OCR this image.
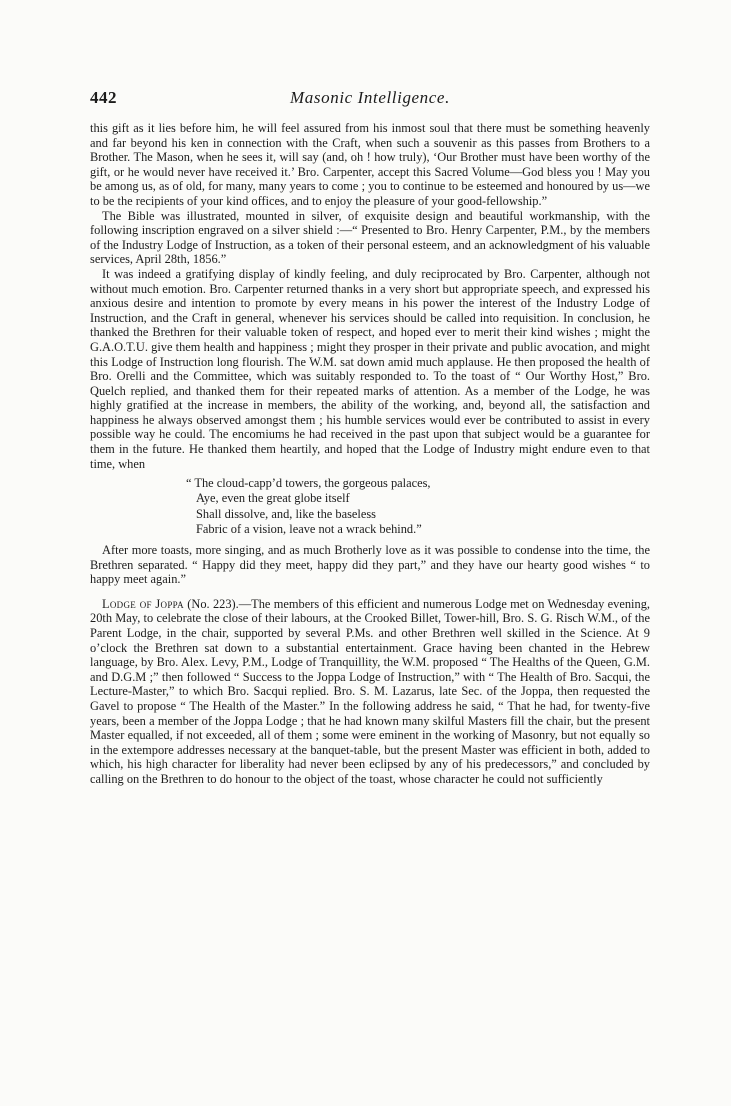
442	Masonic Intelligence.

this gift as it lies before him, he will feel assured from his inmost soul that there must be something heavenly and far beyond his ken in connection with the Craft, when such a souvenir as this passes from Brothers to a Brother. The Mason, when he sees it, will say (and, oh ! how truly), ‘Our Brother must have been worthy of the gift, or he would never have received it.’ Bro. Carpenter, accept this Sacred Volume—God bless you ! May you be among us, as of old, for many, many years to come ; you to continue to be esteemed and honoured by us—we to be the recipients of your kind offices, and to enjoy the pleasure of your good-fellowship.”

The Bible was illustrated, mounted in silver, of exquisite design and beautiful workmanship, with the following inscription engraved on a silver shield :—“ Presented to Bro. Henry Carpenter, P.M., by the members of the Industry Lodge of Instruction, as a token of their personal esteem, and an acknowledgment of his valuable services, April 28th, 1856.”

It was indeed a gratifying display of kindly feeling, and duly reciprocated by Bro. Carpenter, although not without much emotion. Bro. Carpenter returned thanks in a very short but appropriate speech, and expressed his anxious desire and intention to promote by every means in his power the interest of the Industry Lodge of Instruction, and the Craft in general, whenever his services should be called into requisition. In conclusion, he thanked the Brethren for their valuable token of respect, and hoped ever to merit their kind wishes ; might the G.A.O.T.U. give them health and happiness ; might they prosper in their private and public avocation, and might this Lodge of Instruction long flourish. The W.M. sat down amid much applause. He then proposed the health of Bro. Orelli and the Committee, which was suitably responded to. To the toast of “ Our Worthy Host,” Bro. Quelch replied, and thanked them for their repeated marks of attention. As a member of the Lodge, he was highly gratified at the increase in members, the ability of the working, and, beyond all, the satisfaction and happiness he always observed amongst them ; his humble services would ever be contributed to assist in every possible way he could. The encomiums he had received in the past upon that subject would be a guarantee for them in the future. He thanked them heartily, and hoped that the Lodge of Industry might endure even to that time, when

“ The cloud-capp’d towers, the gorgeous palaces,
Aye, even the great globe itself
Shall dissolve, and, like the baseless
Fabric of a vision, leave not a wrack behind.”

After more toasts, more singing, and as much Brotherly love as it was possible to condense into the time, the Brethren separated. “ Happy did they meet, happy did they part,” and they have our hearty good wishes “ to happy meet again.”

Lodge of Joppa (No. 223).—The members of this efficient and numerous Lodge met on Wednesday evening, 20th May, to celebrate the close of their labours, at the Crooked Billet, Tower-hill, Bro. S. G. Risch W.M., of the Parent Lodge, in the chair, supported by several P.Ms. and other Brethren well skilled in the Science. At 9 o’clock the Brethren sat down to a substantial entertainment. Grace having been chanted in the Hebrew language, by Bro. Alex. Levy, P.M., Lodge of Tranquillity, the W.M. proposed “ The Healths of the Queen, G.M. and D.G.M ;” then followed “ Success to the Joppa Lodge of Instruction,” with “ The Health of Bro. Sacqui, the Lecture-Master,” to which Bro. Sacqui replied. Bro. S. M. Lazarus, late Sec. of the Joppa, then requested the Gavel to propose “ The Health of the Master.” In the following address he said, “ That he had, for twenty-five years, been a member of the Joppa Lodge ; that he had known many skilful Masters fill the chair, but the present Master equalled, if not exceeded, all of them ; some were eminent in the working of Masonry, but not equally so in the extempore addresses necessary at the banquet-table, but the present Master was efficient in both, added to which, his high character for liberality had never been eclipsed by any of his predecessors,” and concluded by calling on the Brethren to do honour to the object of the toast, whose character he could not sufficiently
